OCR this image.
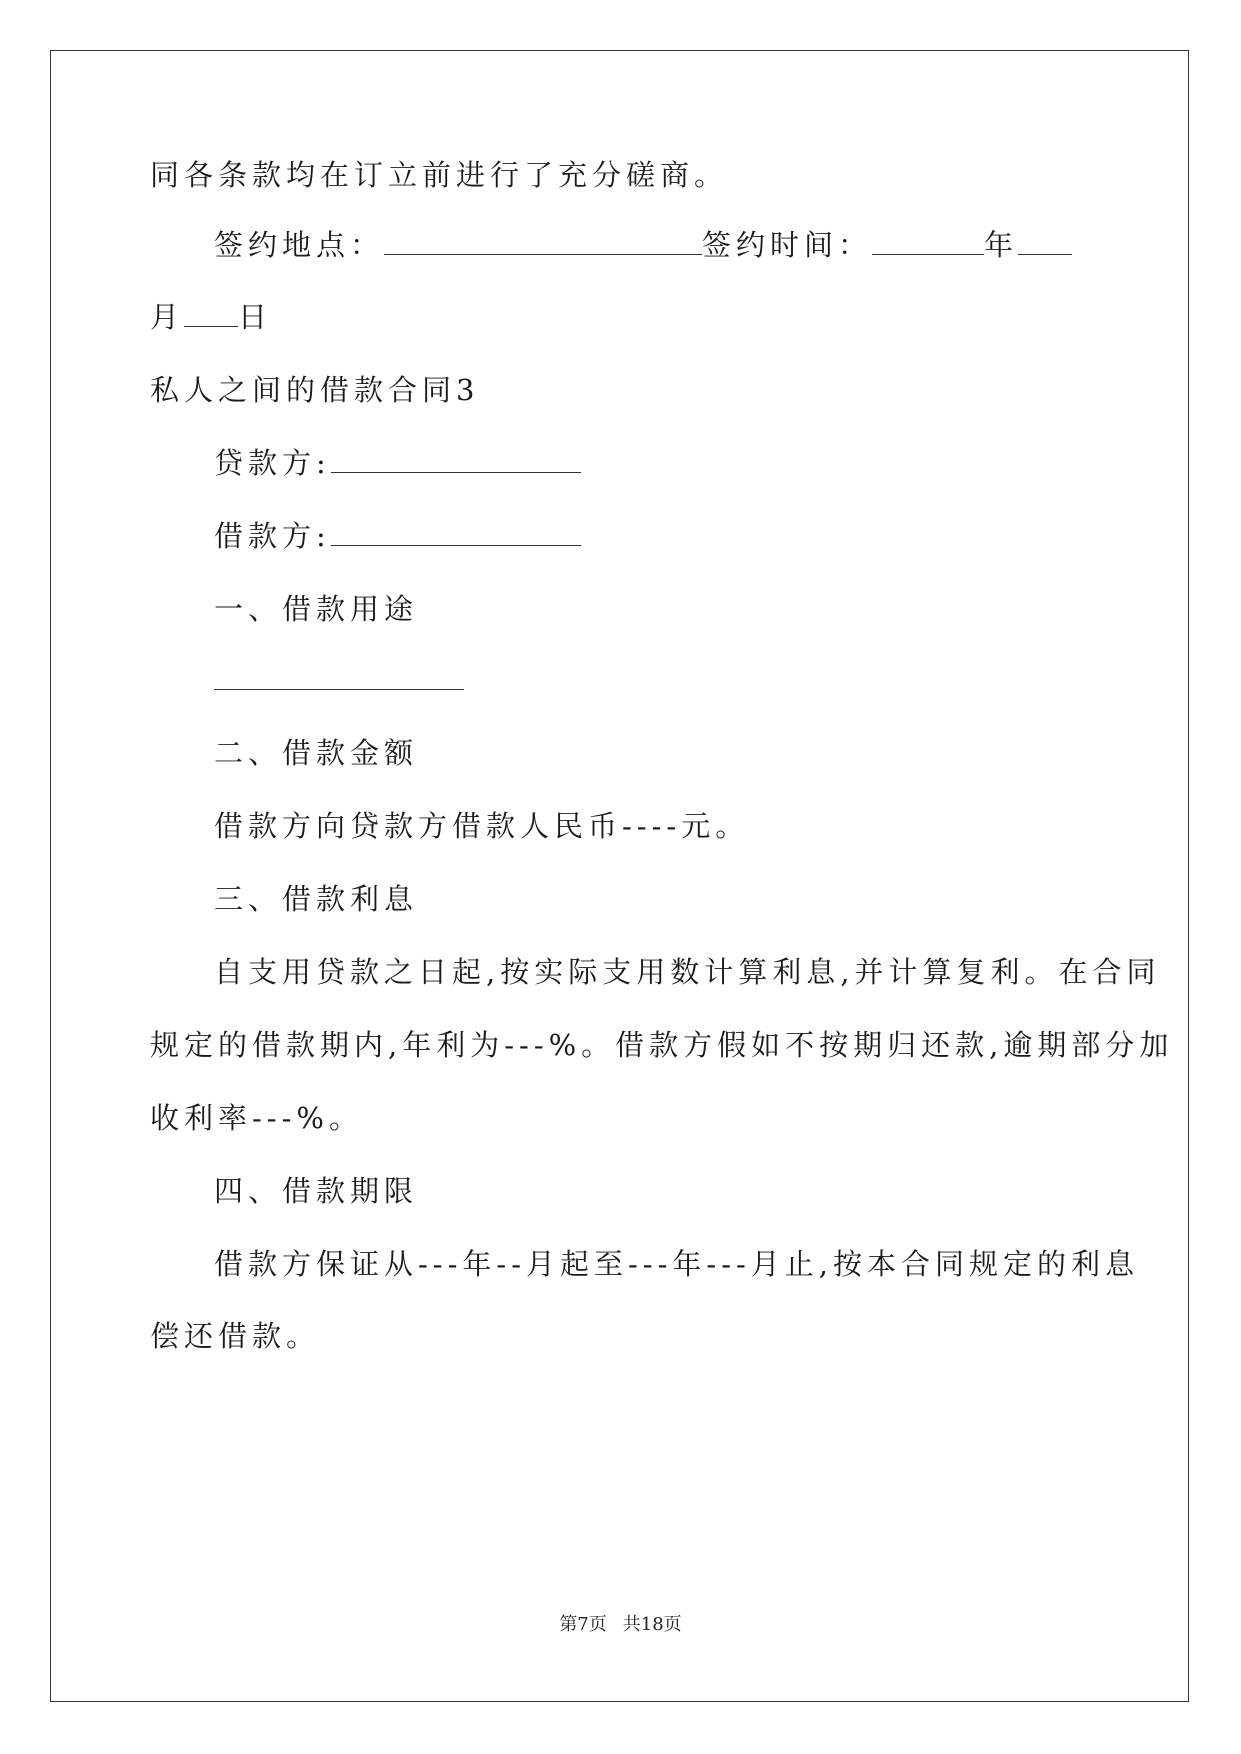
同各条款均在订立前进行了充分磋商。
签约地点：	签约时间：	年
月 日
私人之间的借款合同3
贷款方:
借款方:
一、借款用途
二、借款金额
借款方向贷款方借款人民币----元。
三、借款利息
自支用贷款之日起,按实际支用数计算利息,并计算复利。在合同
规定的借款期内,年利为---%。借款方假如不按期归还款,逾期部分加
收利率---%。
四、借款期限
借款方保证从---年--月起至---年---月止,按本合同规定的利息
偿还借款。
第7页 共18页
